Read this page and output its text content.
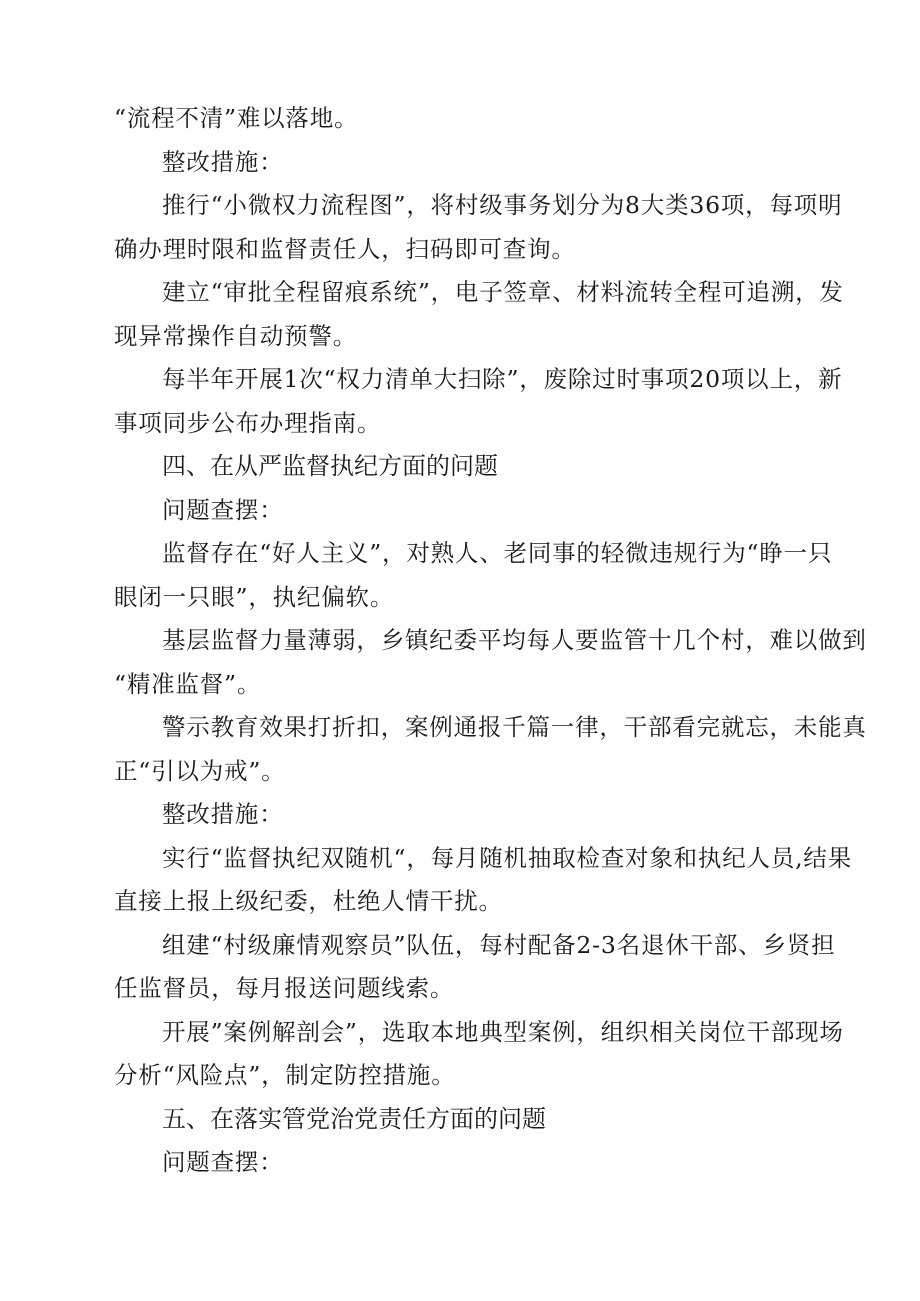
“流程不清”难以落地。
整改措施：
推行“小微权力流程图”，将村级事务划分为8大类36项，每项明
确办理时限和监督责任人，扫码即可查询。
建立“审批全程留痕系统”，电子签章、材料流转全程可追溯，发
现异常操作自动预警。
每半年开展1次“权力清单大扫除”，废除过时事项20项以上，新
事项同步公布办理指南。
四、在从严监督执纪方面的问题
问题查摆：
监督存在“好人主义”，对熟人、老同事的轻微违规行为“睁一只
眼闭一只眼”，执纪偏软。
基层监督力量薄弱，乡镇纪委平均每人要监管十几个村，难以做到
“精准监督”。
警示教育效果打折扣，案例通报千篇一律，干部看完就忘，未能真
正“引以为戒”。
整改措施：
实行“监督执纪双随机“，每月随机抽取检查对象和执纪人员,结果
直接上报上级纪委，杜绝人情干扰。
组建“村级廉情观察员”队伍，每村配备2-3名退休干部、乡贤担
任监督员，每月报送问题线索。
开展”案例解剖会”，选取本地典型案例，组织相关岗位干部现场
分析“风险点”，制定防控措施。
五、在落实管党治党责任方面的问题
问题查摆：
